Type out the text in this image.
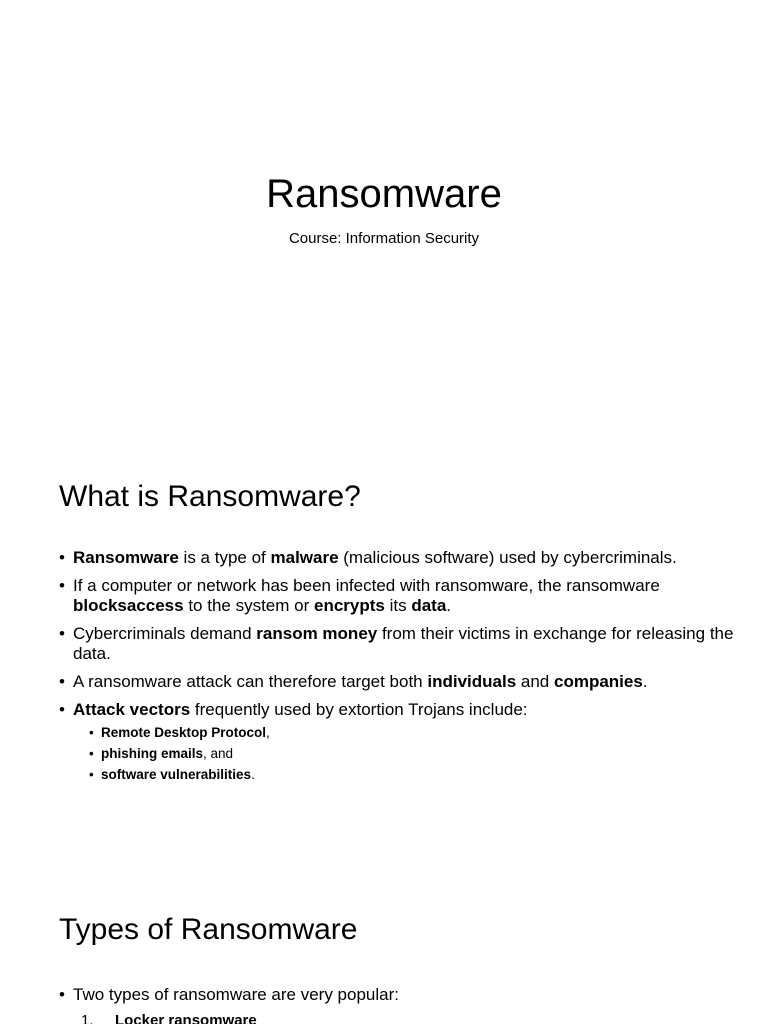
Ransomware

Course: Information Security

What is Ransomware?
• Ransomware is a type of malware (malicious software) used by cybercriminals.
• If a computer or network has been infected with ransomware, the ransomware blocksaccess to the system or encrypts its data.
• Cybercriminals demand ransom money from their victims in exchange for releasing the data.
• A ransomware attack can therefore target both individuals and companies.
• Attack vectors frequently used by extortion Trojans include:
• Remote Desktop Protocol,
• phishing emails, and
• software vulnerabilities.
Types of Ransomware
• Two types of ransomware are very popular:
1. Locker ransomware
